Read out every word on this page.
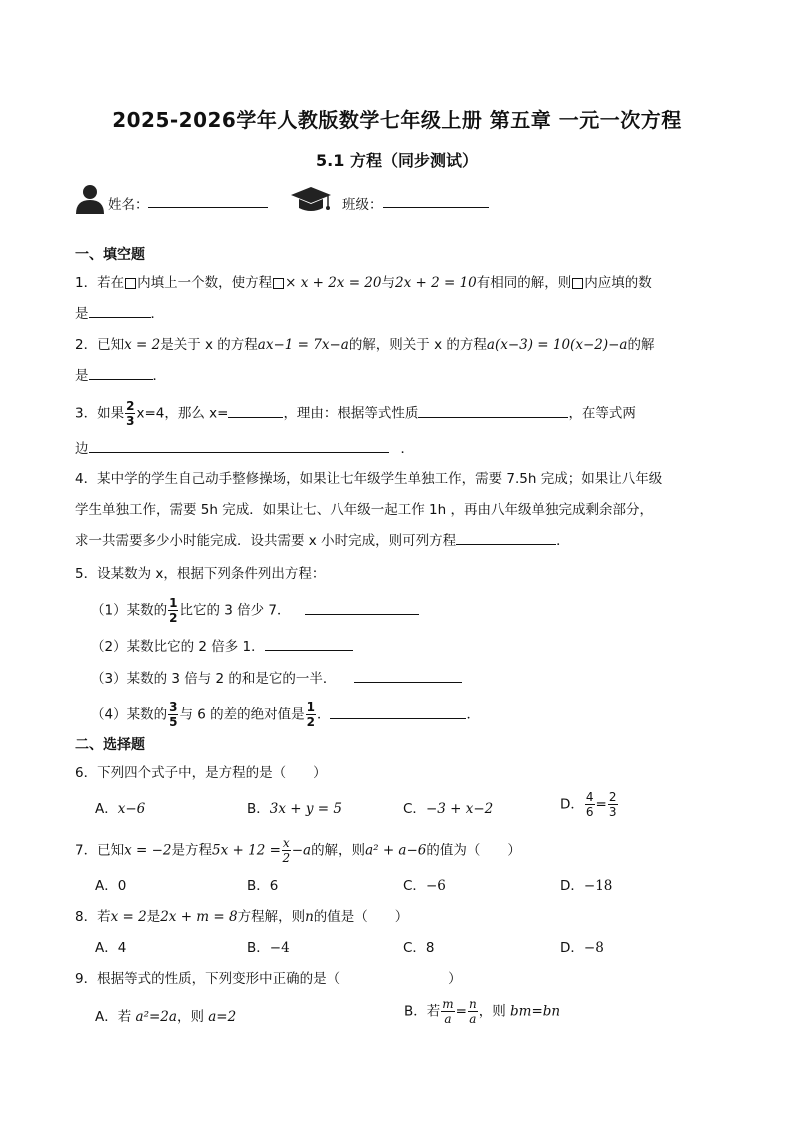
2025-2026学年人教版数学七年级上册 第五章 一元一次方程
5.1 方程（同步测试）
姓名：	班级：
一、填空题
1．若在 内填上一个数，使方程 × x + 2x = 20与2x + 2 = 10有相同的解，则 内应填的数
是	．
2．已知x = 2是关于 x 的方程ax−1 = 7x−a的解，则关于 x 的方程a(x−3) = 10(x−2)−a的解
是	．
3．如果 $\frac{2}{3} x=4$，那么 x=	，理由：根据等式性质	，在等式两
边	．
4．某中学的学生自己动手整修操场，如果让七年级学生单独工作，需要 7.5h 完成；如果让八年级
学生单独工作，需要 5h 完成．如果让七、八年级一起工作 1h ，再由八年级单独完成剩余部分，
求一共需要多少小时能完成．设共需要 x 小时完成，则可列方程	．
5．设某数为 x，根据下列条件列出方程：
（1）某数的 $\frac{1}{2}$ 比它的 3 倍少 7．
（2）某数比它的 2 倍多 1．
（3）某数的 3 倍与 2 的和是它的一半．
（4）某数的 $\frac{3}{5}$ 与 6 的差的绝对值是 $\frac{1}{2}$ ．	．
二、选择题
6．下列四个式子中，是方程的是（　　）
A．x−6	B．3x + y = 5	C．−3 + x−2	D． $\frac{4}{6} = \frac{2}{3}$
7．已知x = −2是方程$5x + 12 = \frac{x}{2} -a$的解，则a² + a−6的值为（　　）
A．0	B．6	C．−6	D．−18
8．若x = 2是2x + m = 8方程解，则n的值是（　　）
A．4	B．−4	C．8	D．−8
9．根据等式的性质，下列变形中正确的是（	）
A．若 a²=2a，则 a=2	B．若 $\frac{m}{a} = \frac{n}{a}$ ，则 bm=bn
